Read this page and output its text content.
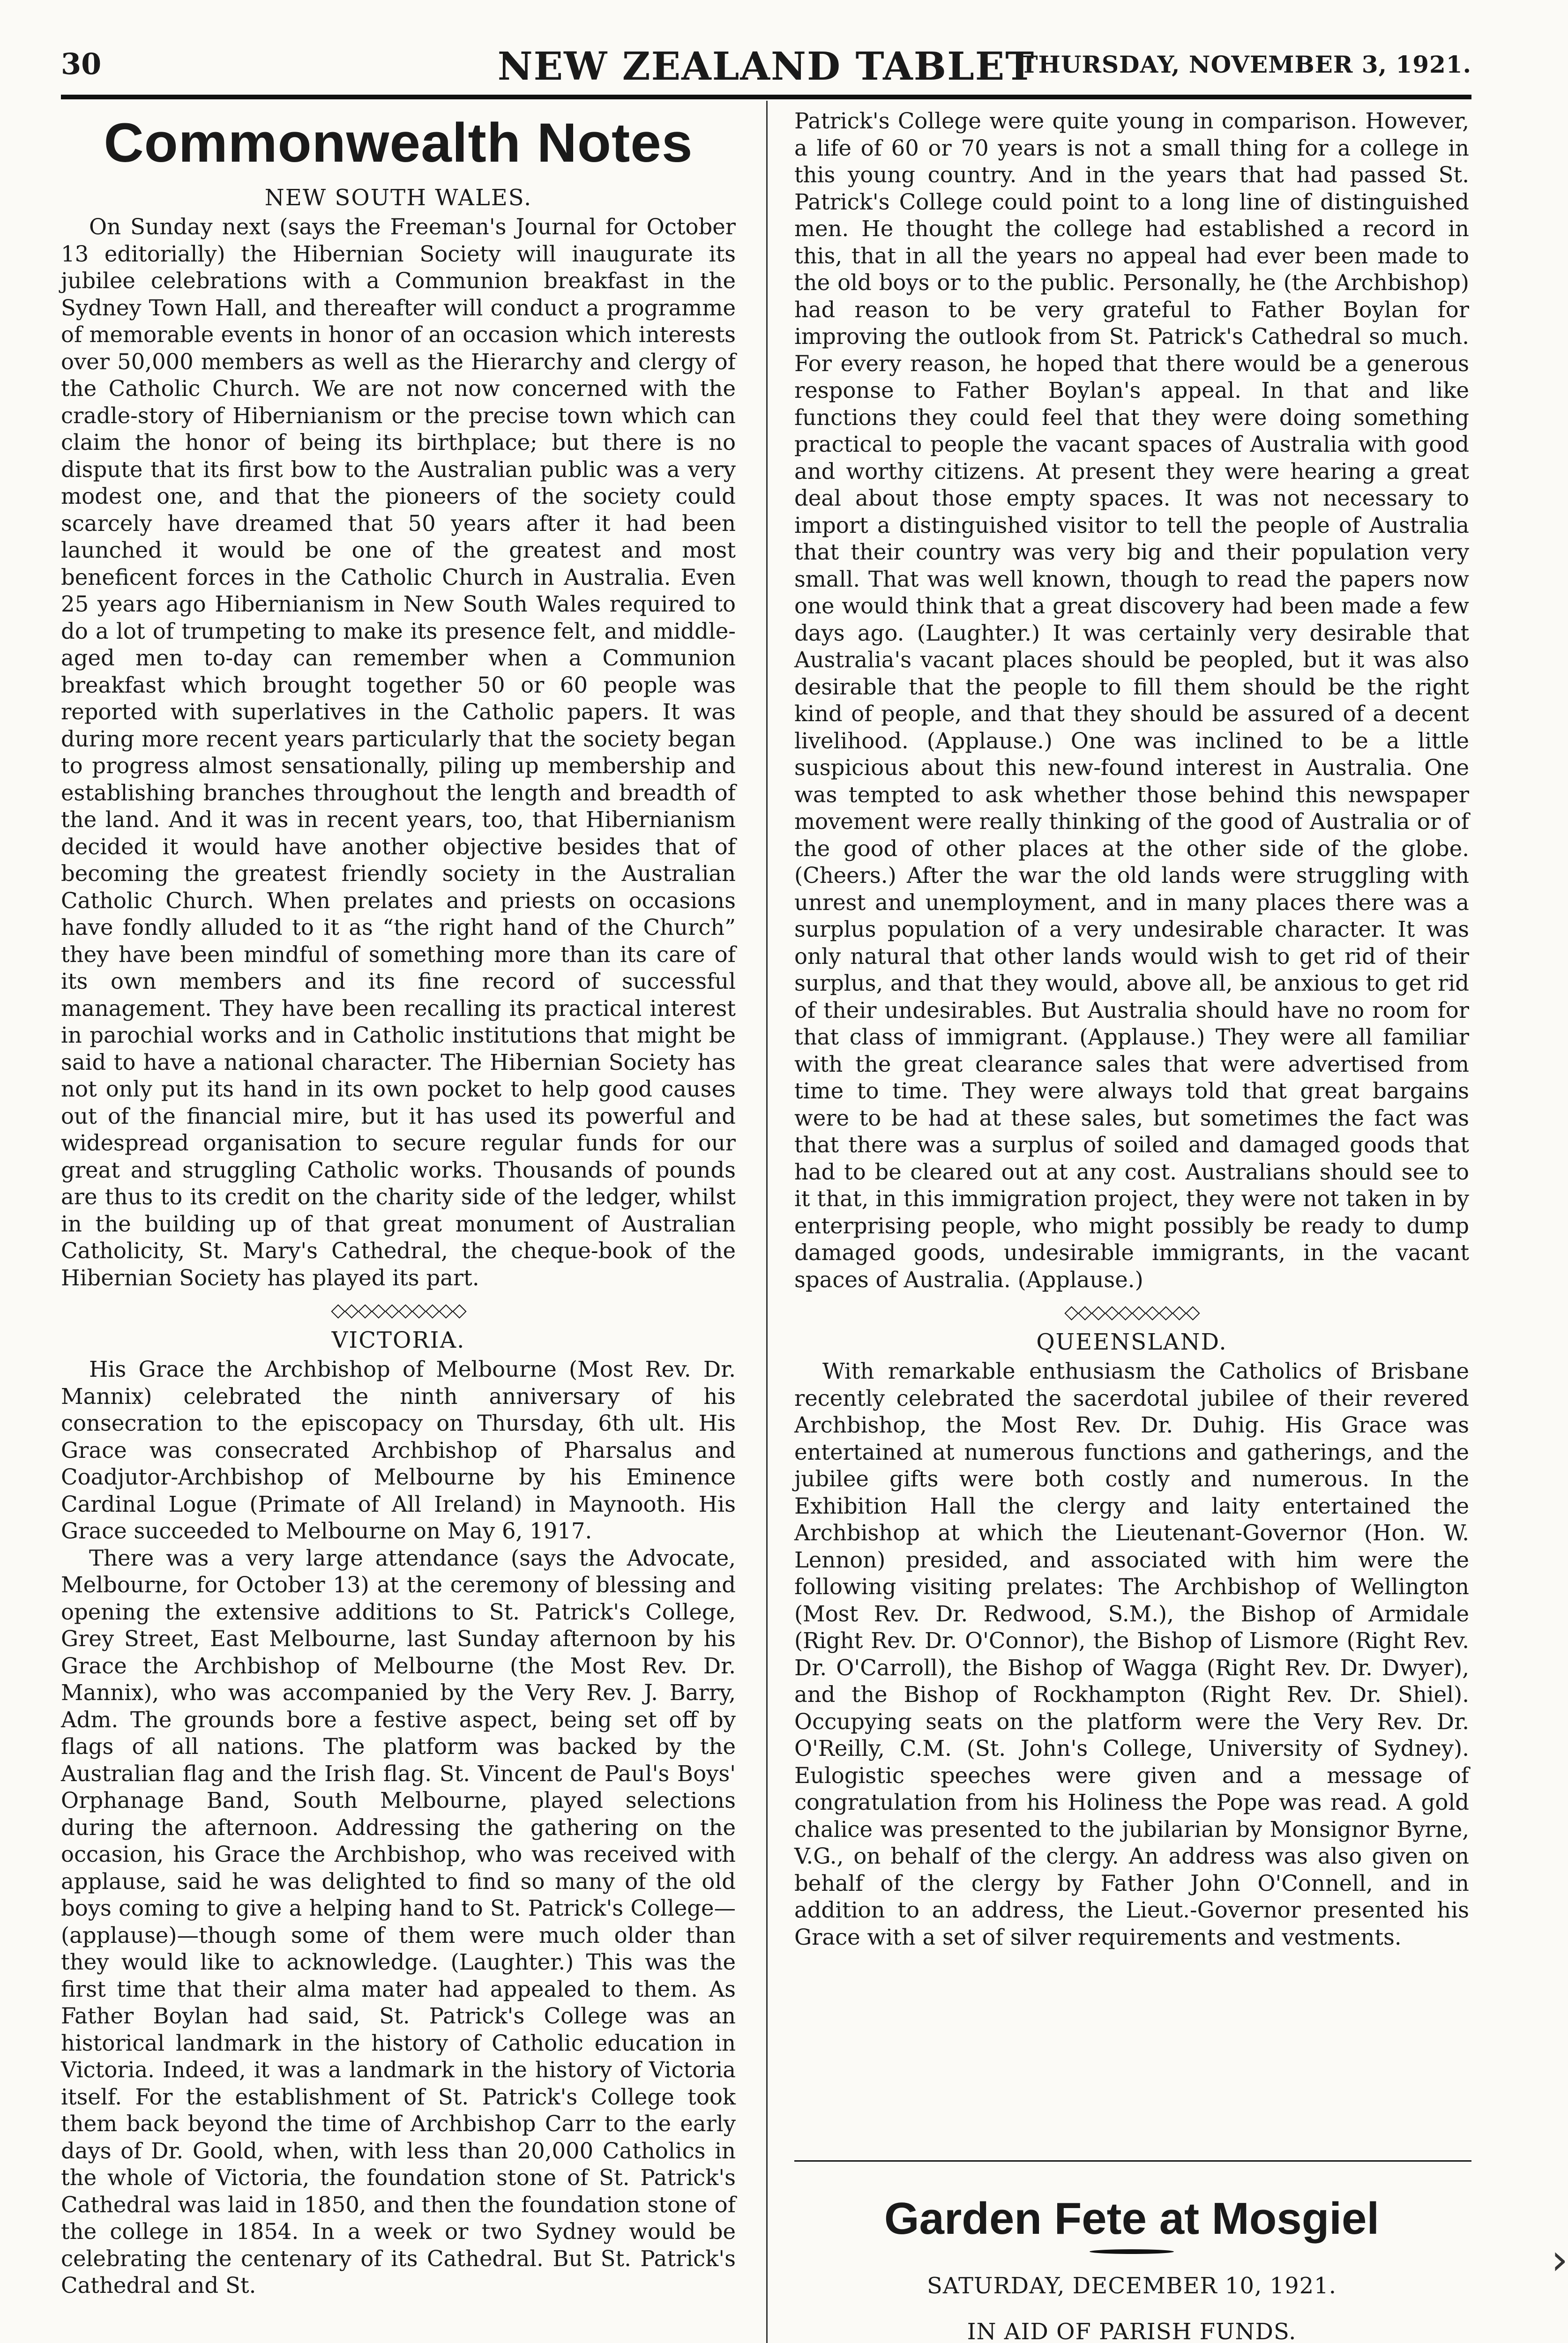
30	NEW ZEALAND TABLET
THURSDAY, NOVEMBER 3, 1921.
Commonwealth Notes
NEW SOUTH WALES.

On Sunday next (says the Freeman's Journal for October 13 editorially) the Hibernian Society will inaugurate its jubilee celebrations with a Communion breakfast in the Sydney Town Hall, and thereafter will conduct a programme of memorable events in honor of an occasion which interests over 50,000 members as well as the Hierarchy and clergy of the Catholic Church. We are not now concerned with the cradle-story of Hibernianism or the precise town which can claim the honor of being its birthplace; but there is no dispute that its first bow to the Australian public was a very modest one, and that the pioneers of the society could scarcely have dreamed that 50 years after it had been launched it would be one of the greatest and most beneficent forces in the Catholic Church in Australia. Even 25 years ago Hibernianism in New South Wales required to do a lot of trumpeting to make its presence felt, and middle-aged men to-day can remember when a Communion breakfast which brought together 50 or 60 people was reported with superlatives in the Catholic papers. It was during more recent years particularly that the society began to progress almost sensationally, piling up membership and establishing branches throughout the length and breadth of the land. And it was in recent years, too, that Hibernianism decided it would have another objective besides that of becoming the greatest friendly society in the Australian Catholic Church. When prelates and priests on occasions have fondly alluded to it as “the right hand of the Church” they have been mindful of something more than its care of its own members and its fine record of successful management. They have been recalling its practical interest in parochial works and in Catholic institutions that might be said to have a national character. The Hibernian Society has not only put its hand in its own pocket to help good causes out of the financial mire, but it has used its powerful and widespread organisation to secure regular funds for our great and struggling Catholic works. Thousands of pounds are thus to its credit on the charity side of the ledger, whilst in the building up of that great monument of Australian Catholicity, St. Mary's Cathedral, the cheque-book of the Hibernian Society has played its part.

◇◇◇◇◇◇◇◇◇◇
VICTORIA.

His Grace the Archbishop of Melbourne (Most Rev. Dr. Mannix) celebrated the ninth anniversary of his consecration to the episcopacy on Thursday, 6th ult. His Grace was consecrated Archbishop of Pharsalus and Coadjutor-Archbishop of Melbourne by his Eminence Cardinal Logue (Primate of All Ireland) in Maynooth. His Grace succeeded to Melbourne on May 6, 1917.

There was a very large attendance (says the Advocate, Melbourne, for October 13) at the ceremony of blessing and opening the extensive additions to St. Patrick's College, Grey Street, East Melbourne, last Sunday afternoon by his Grace the Archbishop of Melbourne (the Most Rev. Dr. Mannix), who was accompanied by the Very Rev. J. Barry, Adm. The grounds bore a festive aspect, being set off by flags of all nations. The platform was backed by the Australian flag and the Irish flag. St. Vincent de Paul's Boys' Orphanage Band, South Melbourne, played selections during the afternoon. Addressing the gathering on the occasion, his Grace the Archbishop, who was received with applause, said he was delighted to find so many of the old boys coming to give a helping hand to St. Patrick's College—(applause)—though some of them were much older than they would like to acknowledge. (Laughter.) This was the first time that their alma mater had appealed to them. As Father Boylan had said, St. Patrick's College was an historical landmark in the history of Catholic education in Victoria. Indeed, it was a landmark in the history of Victoria itself. For the establishment of St. Patrick's College took them back beyond the time of Archbishop Carr to the early days of Dr. Goold, when, with less than 20,000 Catholics in the whole of Victoria, the foundation stone of St. Patrick's Cathedral was laid in 1850, and then the foundation stone of the college in 1854. In a week or two Sydney would be celebrating the centenary of its Cathedral. But St. Patrick's Cathedral and St.

Patrick's College were quite young in comparison. However, a life of 60 or 70 years is not a small thing for a college in this young country. And in the years that had passed St. Patrick's College could point to a long line of distinguished men. He thought the college had established a record in this, that in all the years no appeal had ever been made to the old boys or to the public. Personally, he (the Archbishop) had reason to be very grateful to Father Boylan for improving the outlook from St. Patrick's Cathedral so much. For every reason, he hoped that there would be a generous response to Father Boylan's appeal. In that and like functions they could feel that they were doing something practical to people the vacant spaces of Australia with good and worthy citizens. At present they were hearing a great deal about those empty spaces. It was not necessary to import a distinguished visitor to tell the people of Australia that their country was very big and their population very small. That was well known, though to read the papers now one would think that a great discovery had been made a few days ago. (Laughter.) It was certainly very desirable that Australia's vacant places should be peopled, but it was also desirable that the people to fill them should be the right kind of people, and that they should be assured of a decent livelihood. (Applause.) One was inclined to be a little suspicious about this new-found interest in Australia. One was tempted to ask whether those behind this newspaper movement were really thinking of the good of Australia or of the good of other places at the other side of the globe. (Cheers.) After the war the old lands were struggling with unrest and unemployment, and in many places there was a surplus population of a very undesirable character. It was only natural that other lands would wish to get rid of their surplus, and that they would, above all, be anxious to get rid of their undesirables. But Australia should have no room for that class of immigrant. (Applause.) They were all familiar with the great clearance sales that were advertised from time to time. They were always told that great bargains were to be had at these sales, but sometimes the fact was that there was a surplus of soiled and damaged goods that had to be cleared out at any cost. Australians should see to it that, in this immigration project, they were not taken in by enterprising people, who might possibly be ready to dump damaged goods, undesirable immigrants, in the vacant spaces of Australia. (Applause.)

◇◇◇◇◇◇◇◇◇◇
QUEENSLAND.

With remarkable enthusiasm the Catholics of Brisbane recently celebrated the sacerdotal jubilee of their revered Archbishop, the Most Rev. Dr. Duhig. His Grace was entertained at numerous functions and gatherings, and the jubilee gifts were both costly and numerous. In the Exhibition Hall the clergy and laity entertained the Archbishop at which the Lieutenant-Governor (Hon. W. Lennon) presided, and associated with him were the following visiting prelates: The Archbishop of Wellington (Most Rev. Dr. Redwood, S.M.), the Bishop of Armidale (Right Rev. Dr. O'Connor), the Bishop of Lismore (Right Rev. Dr. O'Carroll), the Bishop of Wagga (Right Rev. Dr. Dwyer), and the Bishop of Rockhampton (Right Rev. Dr. Shiel). Occupying seats on the platform were the Very Rev. Dr. O'Reilly, C.M. (St. John's College, University of Sydney). Eulogistic speeches were given and a message of congratulation from his Holiness the Pope was read. A gold chalice was presented to the jubilarian by Monsignor Byrne, V.G., on behalf of the clergy. An address was also given on behalf of the clergy by Father John O'Connell, and in addition to an address, the Lieut.-Governor presented his Grace with a set of silver requirements and vestments.

Garden Fete at Mosgiel
SATURDAY, DECEMBER 10, 1921.
IN AID OF PARISH FUNDS.
›
